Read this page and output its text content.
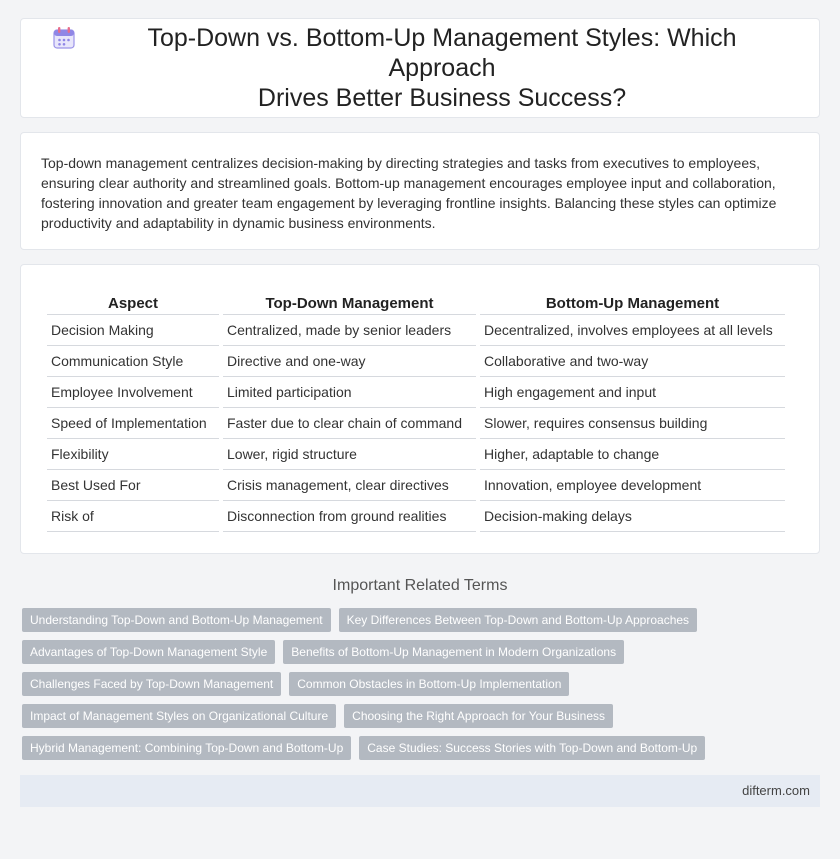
Top-Down vs. Bottom-Up Management Styles: Which Approach
Drives Better Business Success?

Top-down management centralizes decision-making by directing strategies and tasks from executives to employees, ensuring clear authority and streamlined goals. Bottom-up management encourages employee input and collaboration, fostering innovation and greater team engagement by leveraging frontline insights. Balancing these styles can optimize productivity and adaptability in dynamic business environments.

Aspect	Top-Down Management	Bottom-Up Management
Decision Making	Centralized, made by senior leaders	Decentralized, involves employees at all levels
Communication Style	Directive and one-way	Collaborative and two-way
Employee Involvement	Limited participation	High engagement and input
Speed of Implementation	Faster due to clear chain of command	Slower, requires consensus building
Flexibility	Lower, rigid structure	Higher, adaptable to change
Best Used For	Crisis management, clear directives	Innovation, employee development
Risk of	Disconnection from ground realities	Decision-making delays
Important Related Terms
Understanding Top-Down and Bottom-Up Management	Key Differences Between Top-Down and Bottom-Up Approaches
Advantages of Top-Down Management Style	Benefits of Bottom-Up Management in Modern Organizations
Challenges Faced by Top-Down Management	Common Obstacles in Bottom-Up Implementation
Impact of Management Styles on Organizational Culture	Choosing the Right Approach for Your Business
Hybrid Management: Combining Top-Down and Bottom-Up	Case Studies: Success Stories with Top-Down and Bottom-Up
difterm.com
